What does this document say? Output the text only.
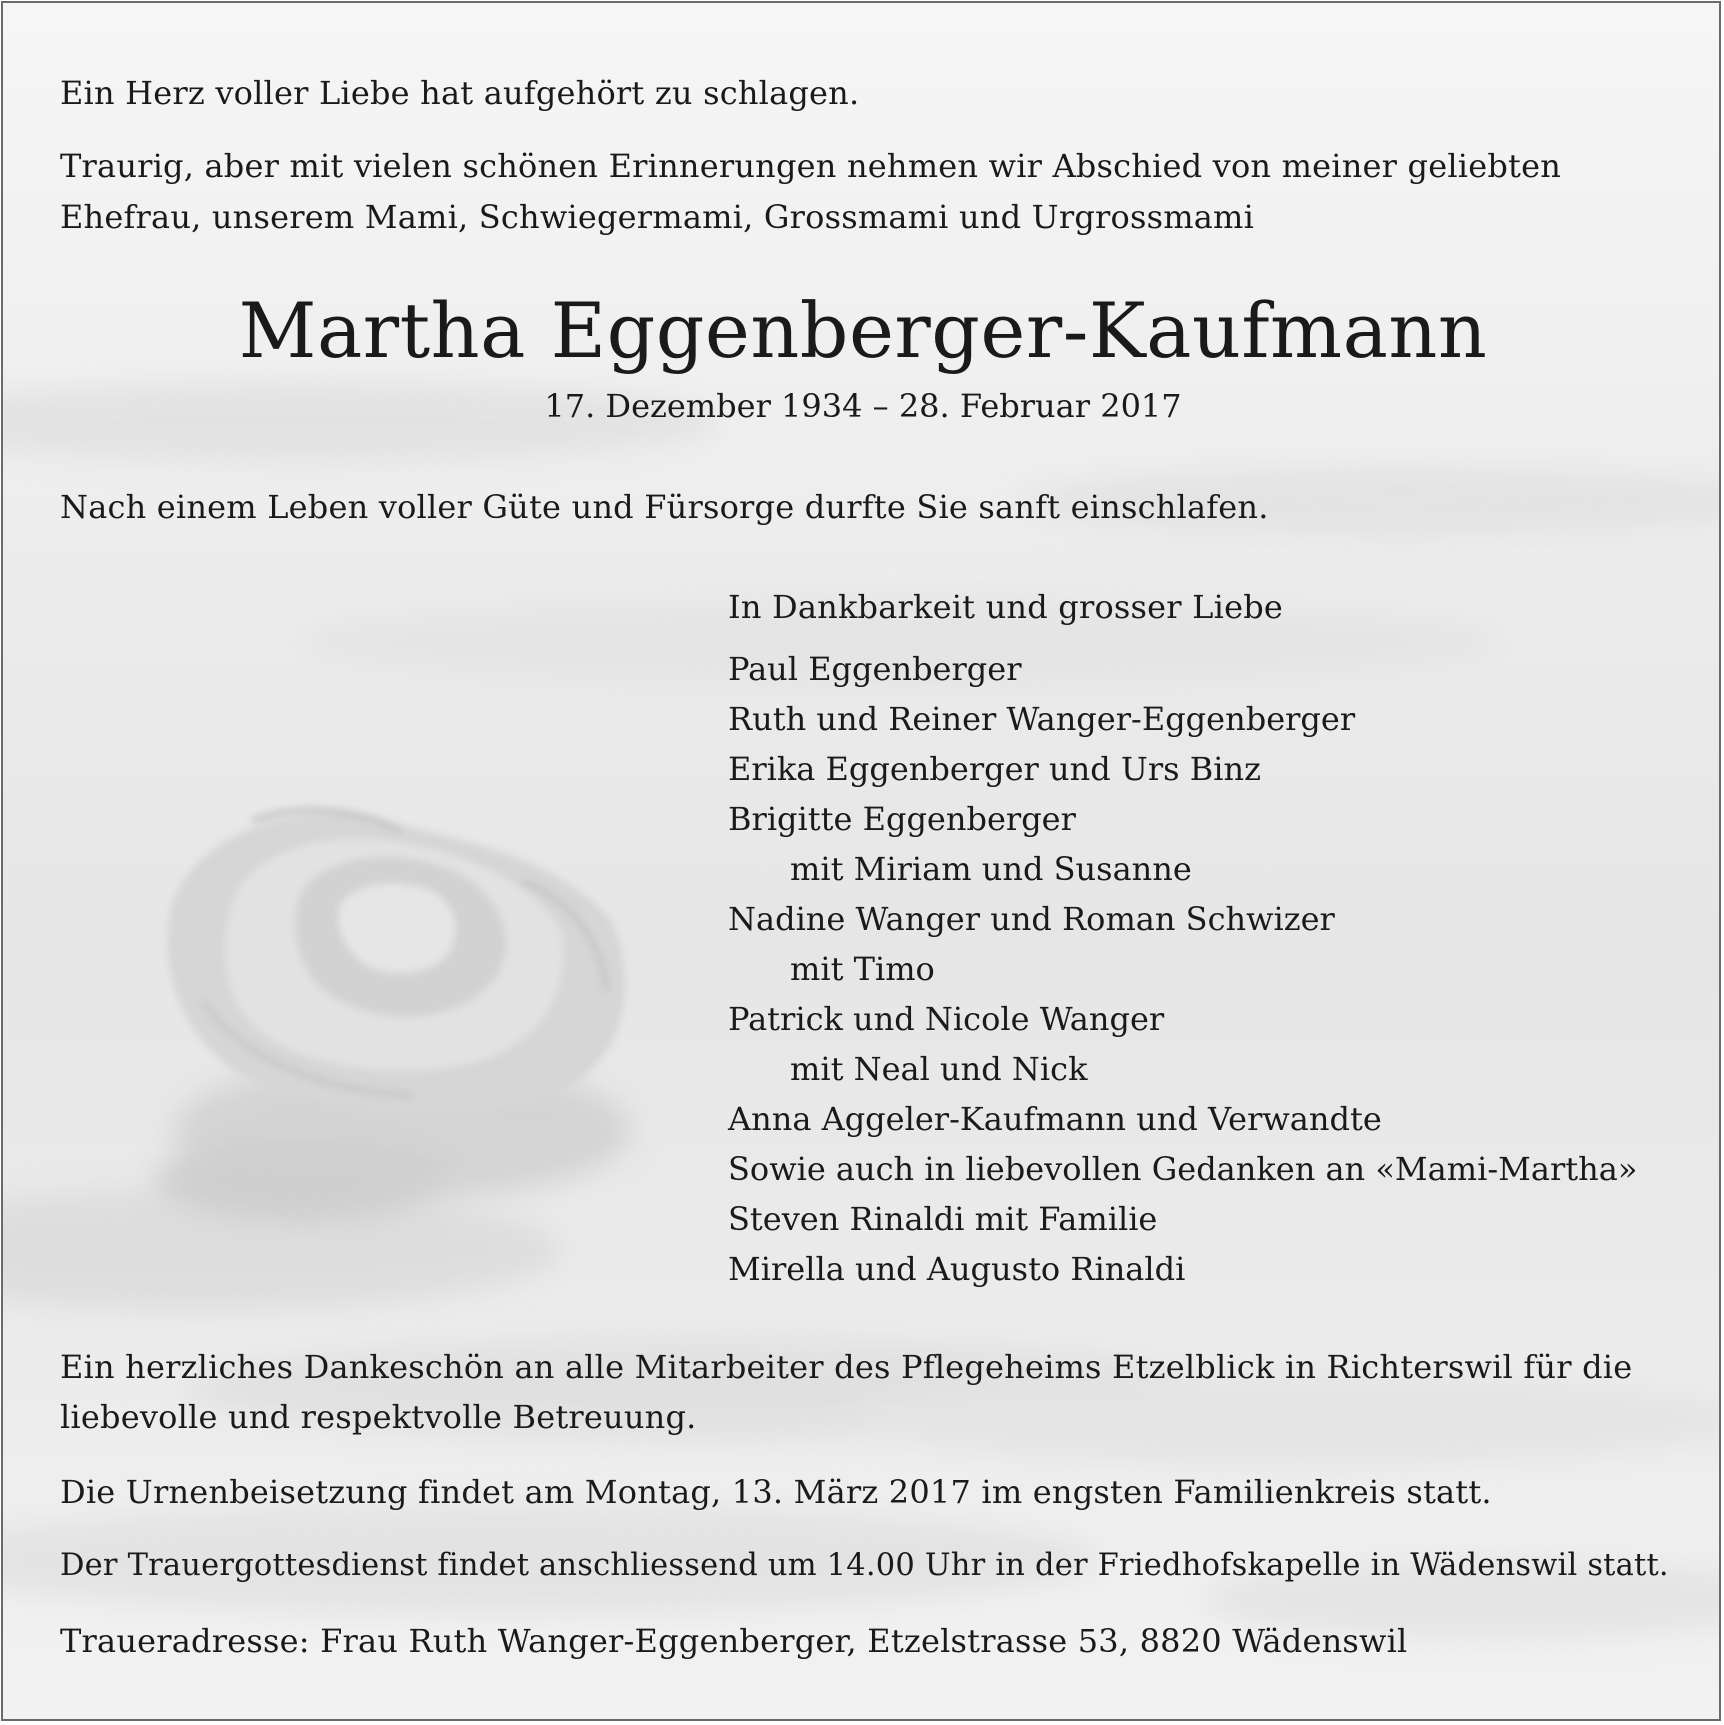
Ein Herz voller Liebe hat aufgehört zu schlagen.
Traurig, aber mit vielen schönen Erinnerungen nehmen wir Abschied von meiner geliebten
Ehefrau, unserem Mami, Schwiegermami, Grossmami und Urgrossmami
Martha Eggenberger-Kaufmann
17. Dezember 1934 – 28. Februar 2017
Nach einem Leben voller Güte und Fürsorge durfte Sie sanft einschlafen.
In Dankbarkeit und grosser Liebe
Paul Eggenberger
Ruth und Reiner Wanger-Eggenberger
Erika Eggenberger und Urs Binz
Brigitte Eggenberger
mit Miriam und Susanne
Nadine Wanger und Roman Schwizer
mit Timo
Patrick und Nicole Wanger
mit Neal und Nick
Anna Aggeler-Kaufmann und Verwandte
Sowie auch in liebevollen Gedanken an «Mami-Martha»
Steven Rinaldi mit Familie
Mirella und Augusto Rinaldi
Ein herzliches Dankeschön an alle Mitarbeiter des Pflegeheims Etzelblick in Richterswil für die
liebevolle und respektvolle Betreuung.
Die Urnenbeisetzung findet am Montag, 13. März 2017 im engsten Familienkreis statt.
Der Trauergottesdienst findet anschliessend um 14.00 Uhr in der Friedhofskapelle in Wädenswil statt.
Traueradresse: Frau Ruth Wanger-Eggenberger, Etzelstrasse 53, 8820 Wädenswil
